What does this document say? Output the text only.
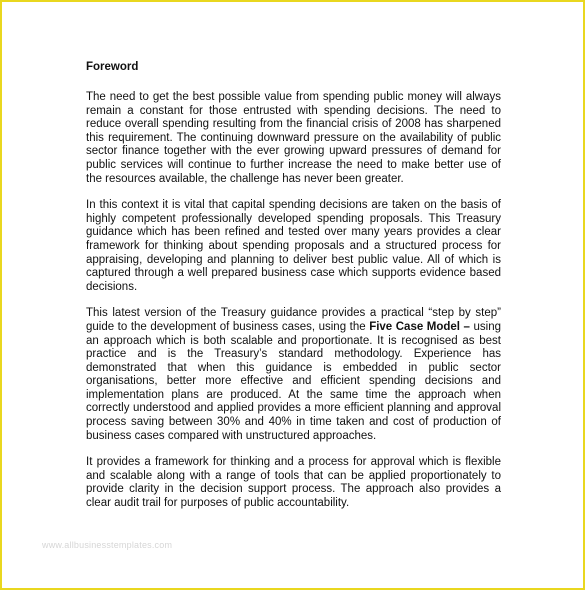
Foreword

The need to get the best possible value from spending public money will always remain a constant for those entrusted with spending decisions. The need to reduce overall spending resulting from the financial crisis of 2008 has sharpened this requirement. The continuing downward pressure on the availability of public sector finance together with the ever growing upward pressures of demand for public services will continue to further increase the need to make better use of the resources available, the challenge has never been greater.

In this context it is vital that capital spending decisions are taken on the basis of highly competent professionally developed spending proposals. This Treasury guidance which has been refined and tested over many years provides a clear framework for thinking about spending proposals and a structured process for appraising, developing and planning to deliver best public value. All of which is captured through a well prepared business case which supports evidence based decisions.

This latest version of the Treasury guidance provides a practical “step by step” guide to the development of business cases, using the Five Case Model – using an approach which is both scalable and proportionate. It is recognised as best practice and is the Treasury’s standard methodology. Experience has demonstrated that when this guidance is embedded in public sector organisations, better more effective and efficient spending decisions and implementation plans are produced. At the same time the approach when correctly understood and applied provides a more efficient planning and approval process saving between 30% and 40% in time taken and cost of production of business cases compared with unstructured approaches.

It provides a framework for thinking and a process for approval which is flexible and scalable along with a range of tools that can be applied proportionately to provide clarity in the decision support process. The approach also provides a clear audit trail for purposes of public accountability.

www.allbusinesstemplates.com
